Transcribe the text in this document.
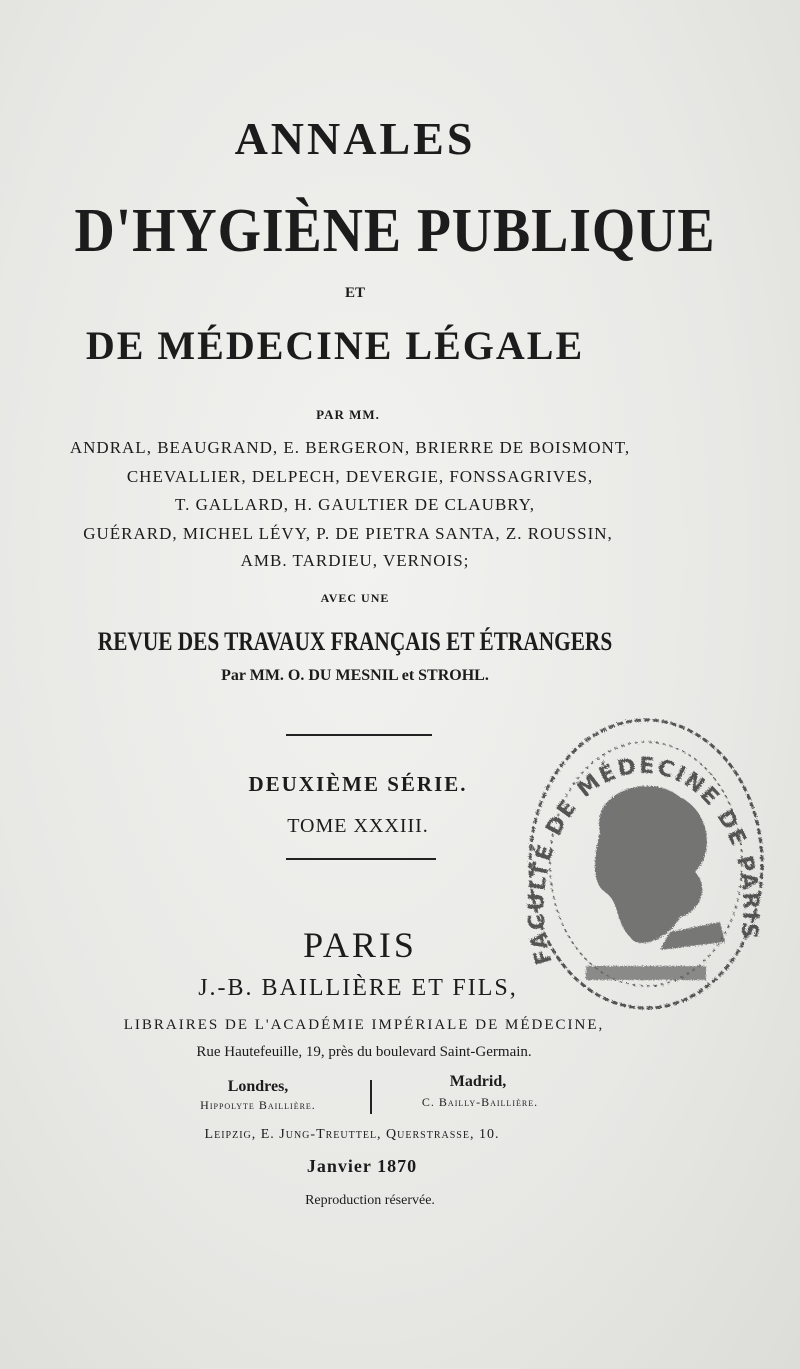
ANNALES
D'HYGIÈNE PUBLIQUE
ET
DE MÉDECINE LÉGALE
PAR MM.
ANDRAL, BEAUGRAND, E. BERGERON, BRIERRE DE BOISMONT,
CHEVALLIER, DELPECH, DEVERGIE, FONSSAGRIVES,
T. GALLARD, H. GAULTIER DE CLAUBRY,
GUÉRARD, MICHEL LÉVY, P. DE PIETRA SANTA, Z. ROUSSIN,
AMB. TARDIEU, VERNOIS;
AVEC UNE
REVUE DES TRAVAUX FRANÇAIS ET ÉTRANGERS
Par MM. O. DU MESNIL et STROHL.
DEUXIÈME SÉRIE.
TOME XXXIII.
PARIS
J.-B. BAILLIÈRE ET FILS,
LIBRAIRES DE L'ACADÉMIE IMPÉRIALE DE MÉDECINE,
Rue Hautefeuille, 19, près du boulevard Saint-Germain.
Londres,
Hippolyte Baillière.
Madrid,
C. Bailly-Baillière.
Leipzig, E. Jung-Treuttel, Querstrasse, 10.
Janvier 1870
Reproduction réservée.
FACULTÉ DE MÉDECINE DE PARIS
